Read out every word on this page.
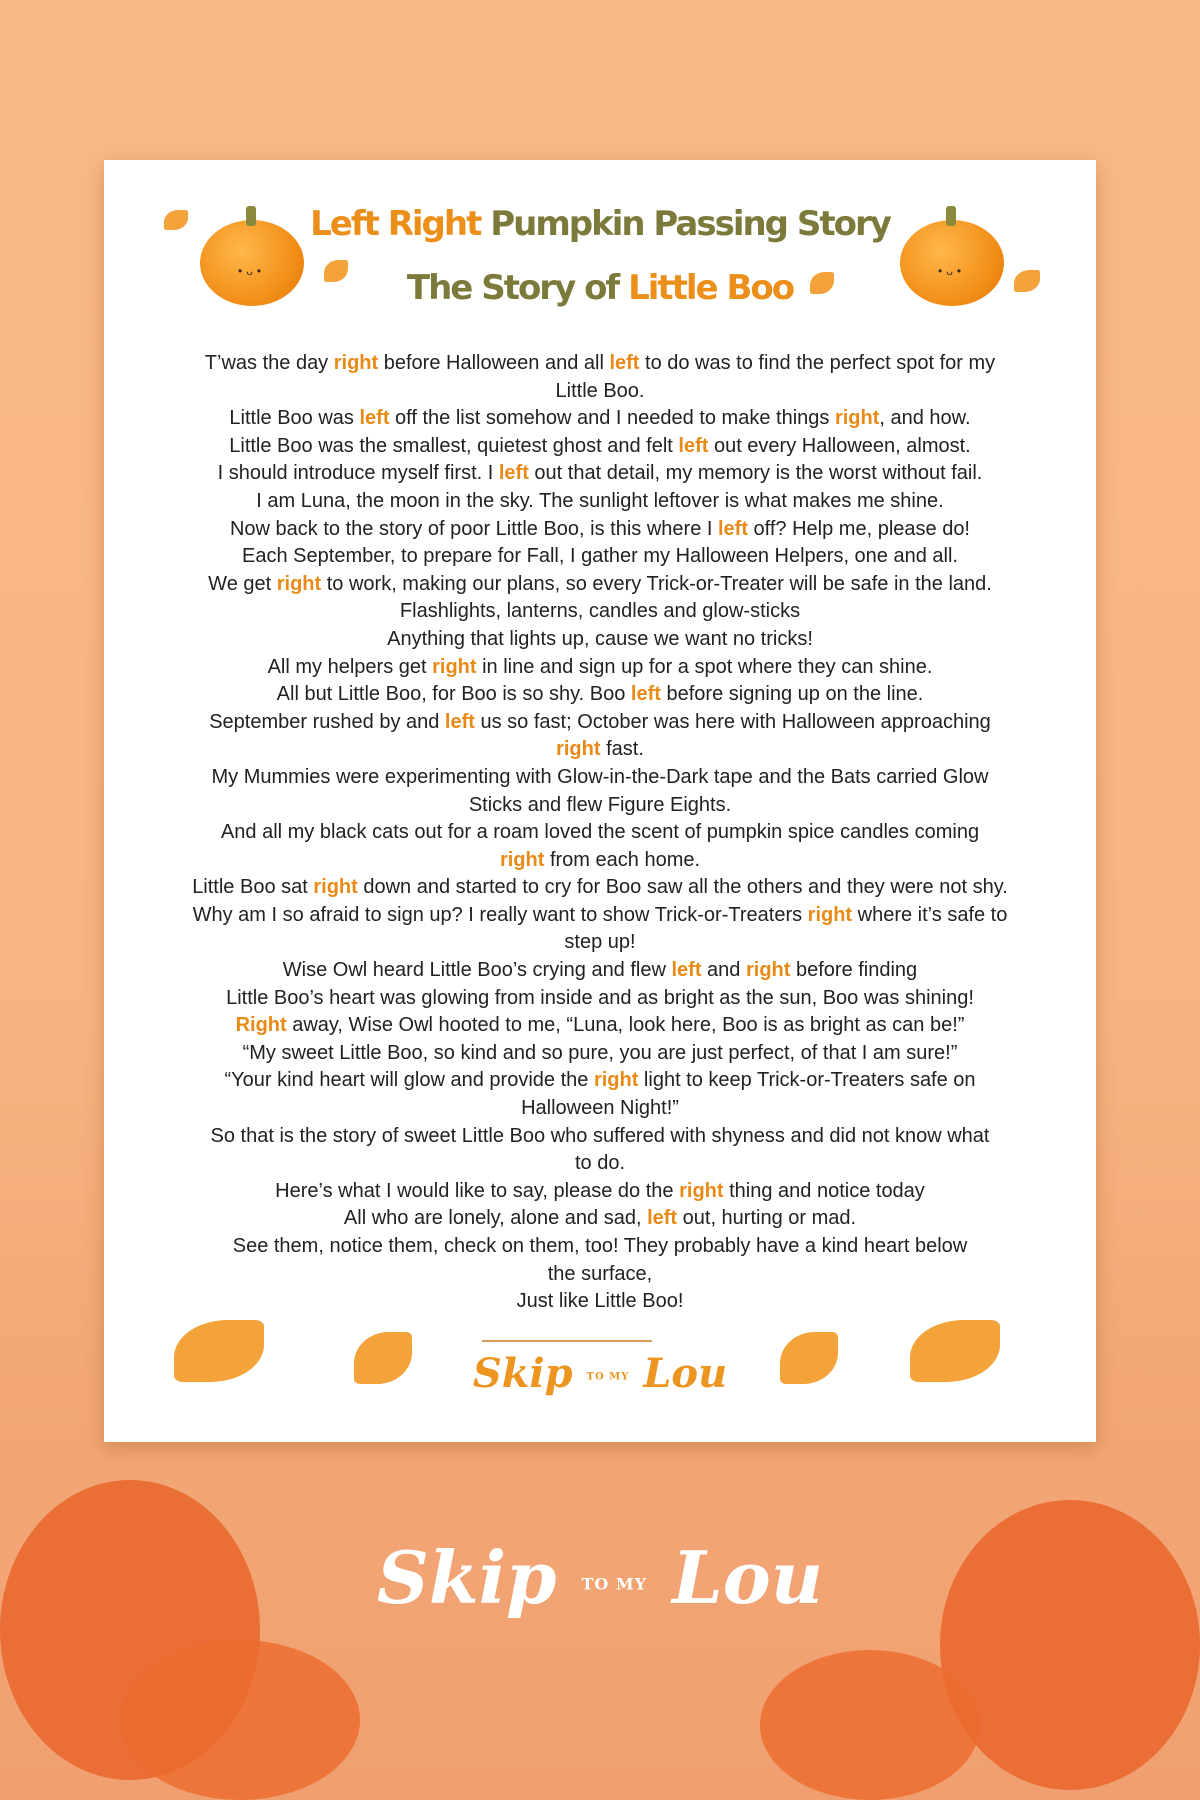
•ᴗ•	•ᴗ•
Left Right Pumpkin Passing Story
The Story of Little Boo
T’was the day right before Halloween and all left to do was to find the perfect spot for my
Little Boo.
Little Boo was left off the list somehow and I needed to make things right, and how.
Little Boo was the smallest, quietest ghost and felt left out every Halloween, almost.
I should introduce myself first. I left out that detail, my memory is the worst without fail.
I am Luna, the moon in the sky. The sunlight leftover is what makes me shine.
Now back to the story of poor Little Boo, is this where I left off? Help me, please do!
Each September, to prepare for Fall, I gather my Halloween Helpers, one and all.
We get right to work, making our plans, so every Trick-or-Treater will be safe in the land.
Flashlights, lanterns, candles and glow-sticks
Anything that lights up, cause we want no tricks!
All my helpers get right in line and sign up for a spot where they can shine.
All but Little Boo, for Boo is so shy. Boo left before signing up on the line.
September rushed by and left us so fast; October was here with Halloween approaching
right fast.
My Mummies were experimenting with Glow-in-the-Dark tape and the Bats carried Glow
Sticks and flew Figure Eights.
And all my black cats out for a roam loved the scent of pumpkin spice candles coming
right from each home.
Little Boo sat right down and started to cry for Boo saw all the others and they were not shy.
Why am I so afraid to sign up? I really want to show Trick-or-Treaters right where it’s safe to
step up!
Wise Owl heard Little Boo’s crying and flew left and right before finding
Little Boo’s heart was glowing from inside and as bright as the sun, Boo was shining!
Right away, Wise Owl hooted to me, “Luna, look here, Boo is as bright as can be!”
“My sweet Little Boo, so kind and so pure, you are just perfect, of that I am sure!”
“Your kind heart will glow and provide the right light to keep Trick-or-Treaters safe on
Halloween Night!”
So that is the story of sweet Little Boo who suffered with shyness and did not know what
to do.
Here’s what I would like to say, please do the right thing and notice today
All who are lonely, alone and sad, left out, hurting or mad.
See them, notice them, check on them, too! They probably have a kind heart below
the surface,
Just like Little Boo!
Skip TO MY Lou
Skip TO MY Lou
